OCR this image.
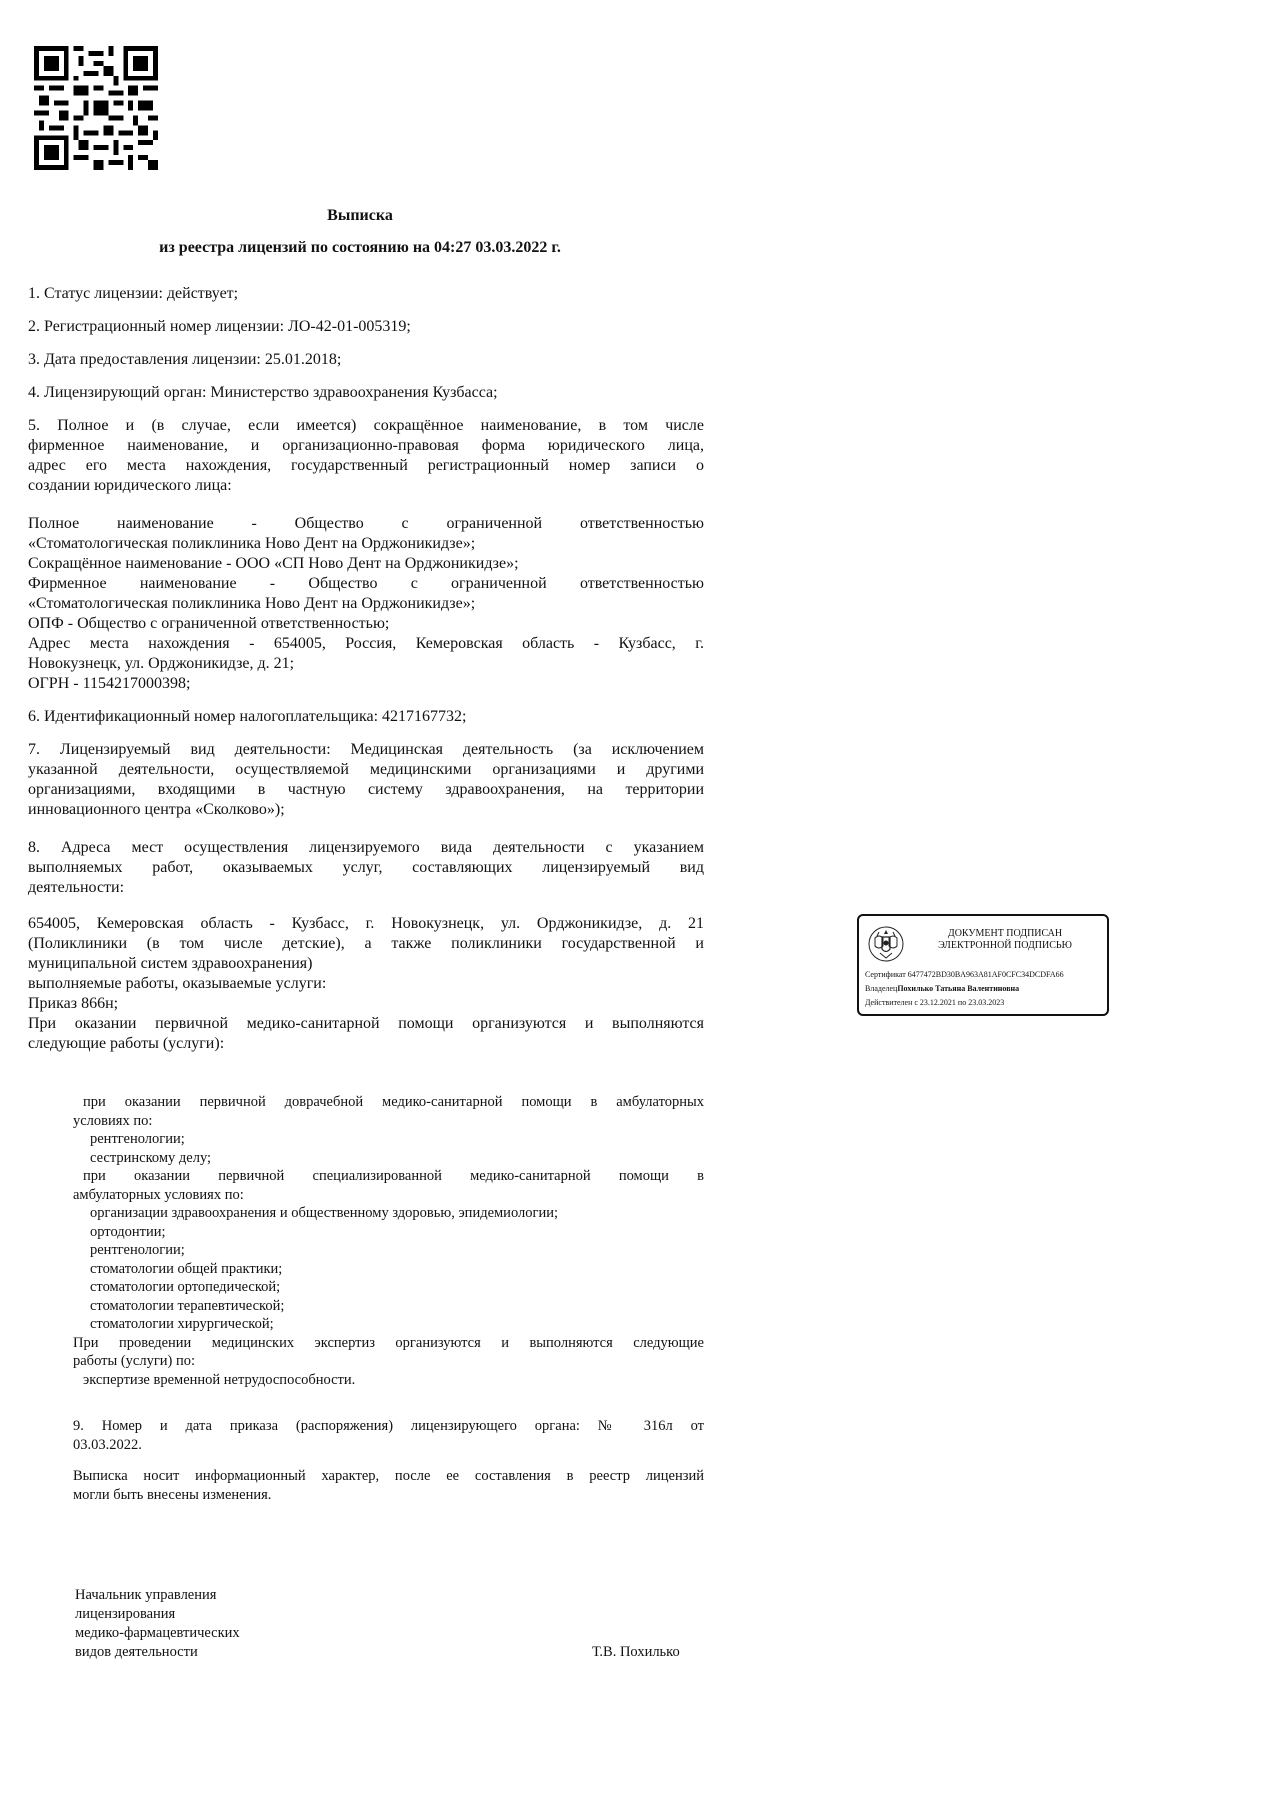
Выписка
из реестра лицензий по состоянию на 04:27 03.03.2022 г.
1. Статус лицензии: действует;
2. Регистрационный номер лицензии: ЛО-42-01-005319;
3. Дата предоставления лицензии: 25.01.2018;
4. Лицензирующий орган: Министерство здравоохранения Кузбасса;
5. Полное и (в случае, если имеется) сокращённое наименование, в том числе
фирменное наименование, и организационно-правовая форма юридического лица,
адрес его места нахождения, государственный регистрационный номер записи о
создании юридического лица:
Полное наименование - Общество с ограниченной ответственностью
«Стоматологическая поликлиника Ново Дент на Орджоникидзе»;
Сокращённое наименование - ООО «СП Ново Дент на Орджоникидзе»;
Фирменное наименование - Общество с ограниченной ответственностью
«Стоматологическая поликлиника Ново Дент на Орджоникидзе»;
ОПФ - Общество с ограниченной ответственностью;
Адрес места нахождения - 654005, Россия, Кемеровская область - Кузбасс, г.
Новокузнецк, ул. Орджоникидзе, д. 21;
ОГРН - 1154217000398;
6. Идентификационный номер налогоплательщика: 4217167732;
7. Лицензируемый вид деятельности: Медицинская деятельность (за исключением
указанной деятельности, осуществляемой медицинскими организациями и другими
организациями, входящими в частную систему здравоохранения, на территории
инновационного центра «Сколково»);
8. Адреса мест осуществления лицензируемого вида деятельности с указанием
выполняемых работ, оказываемых услуг, составляющих лицензируемый вид
деятельности:
654005, Кемеровская область - Кузбасс, г. Новокузнецк, ул. Орджоникидзе, д. 21
(Поликлиники (в том числе детские), а также поликлиники государственной и
муниципальной систем здравоохранения)
выполняемые работы, оказываемые услуги:
Приказ 866н;
При оказании первичной медико-санитарной помощи организуются и выполняются
следующие работы (услуги):
при оказании первичной доврачебной медико-санитарной помощи в амбулаторных
условиях по:
рентгенологии;
сестринскому делу;
при оказании первичной специализированной медико-санитарной помощи в
амбулаторных условиях по:
организации здравоохранения и общественному здоровью, эпидемиологии;
ортодонтии;
рентгенологии;
стоматологии общей практики;
стоматологии ортопедической;
стоматологии терапевтической;
стоматологии хирургической;
При проведении медицинских экспертиз организуются и выполняются следующие
работы (услуги) по:
экспертизе временной нетрудоспособности.
9. Номер и дата приказа (распоряжения) лицензирующего органа: № 316л от
03.03.2022.
Выписка носит информационный характер, после ее составления в реестр лицензий
могли быть внесены изменения.
Начальник управления
лицензирования
медико-фармацевтических
видов деятельности	Т.В. Похилько
ДОКУМЕНТ ПОДПИСАН
ЭЛЕКТРОННОЙ ПОДПИСЬЮ
Сертификат 6477472BD30BA963A81AF0CFC34DCDFA66
ВладелецПохилько Татьяна Валентиновна
Действителен с 23.12.2021 по 23.03.2023
